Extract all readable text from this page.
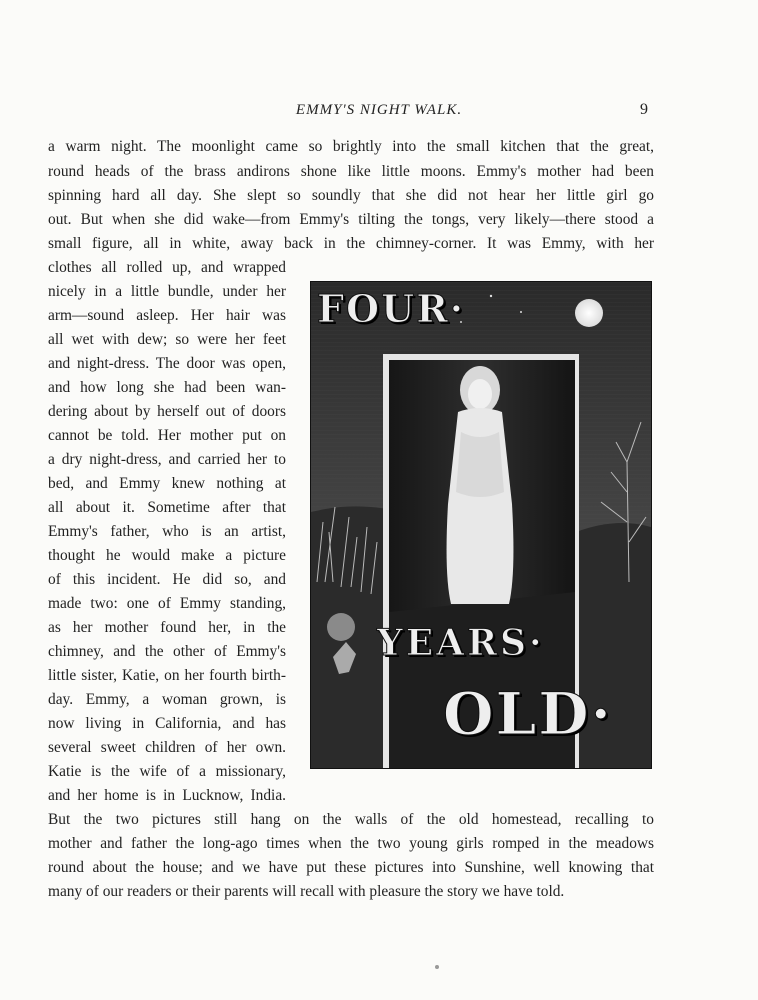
EMMY'S NIGHT WALK.	9
a warm night. The moonlight came so brightly into the small kitchen that the great,
round heads of the brass andirons shone like little moons. Emmy's mother had been
spinning hard all day. She slept so soundly that she did not hear her little girl go
out. But when she did wake—from Emmy's tilting the tongs, very likely—there stood a
small figure, all in white, away back in the chimney-corner. It was Emmy, with her
clothes all rolled up, and wrapped
nicely in a little bundle, under her
arm—sound asleep. Her hair was
all wet with dew; so were her feet
and night-dress. The door was open,
and how long she had been wan-
dering about by herself out of doors
cannot be told. Her mother put on
a dry night-dress, and carried her to
bed, and Emmy knew nothing at
all about it. Sometime after that
Emmy's father, who is an artist,
thought he would make a picture
of this incident. He did so, and
made two: one of Emmy standing,
as her mother found her, in the
chimney, and the other of Emmy's
little sister, Katie, on her fourth birth-
day. Emmy, a woman grown, is
now living in California, and has
several sweet children of her own.
Katie is the wife of a missionary,
and her home is in Lucknow, India.
But the two pictures still hang on the walls of the old homestead, recalling to
mother and father the long-ago times when the two young girls romped in the meadows
round about the house; and we have put these pictures into Sunshine, well knowing that
many of our readers or their parents will recall with pleasure the story we have told.
FOUR·
YEARS·
OLD·
